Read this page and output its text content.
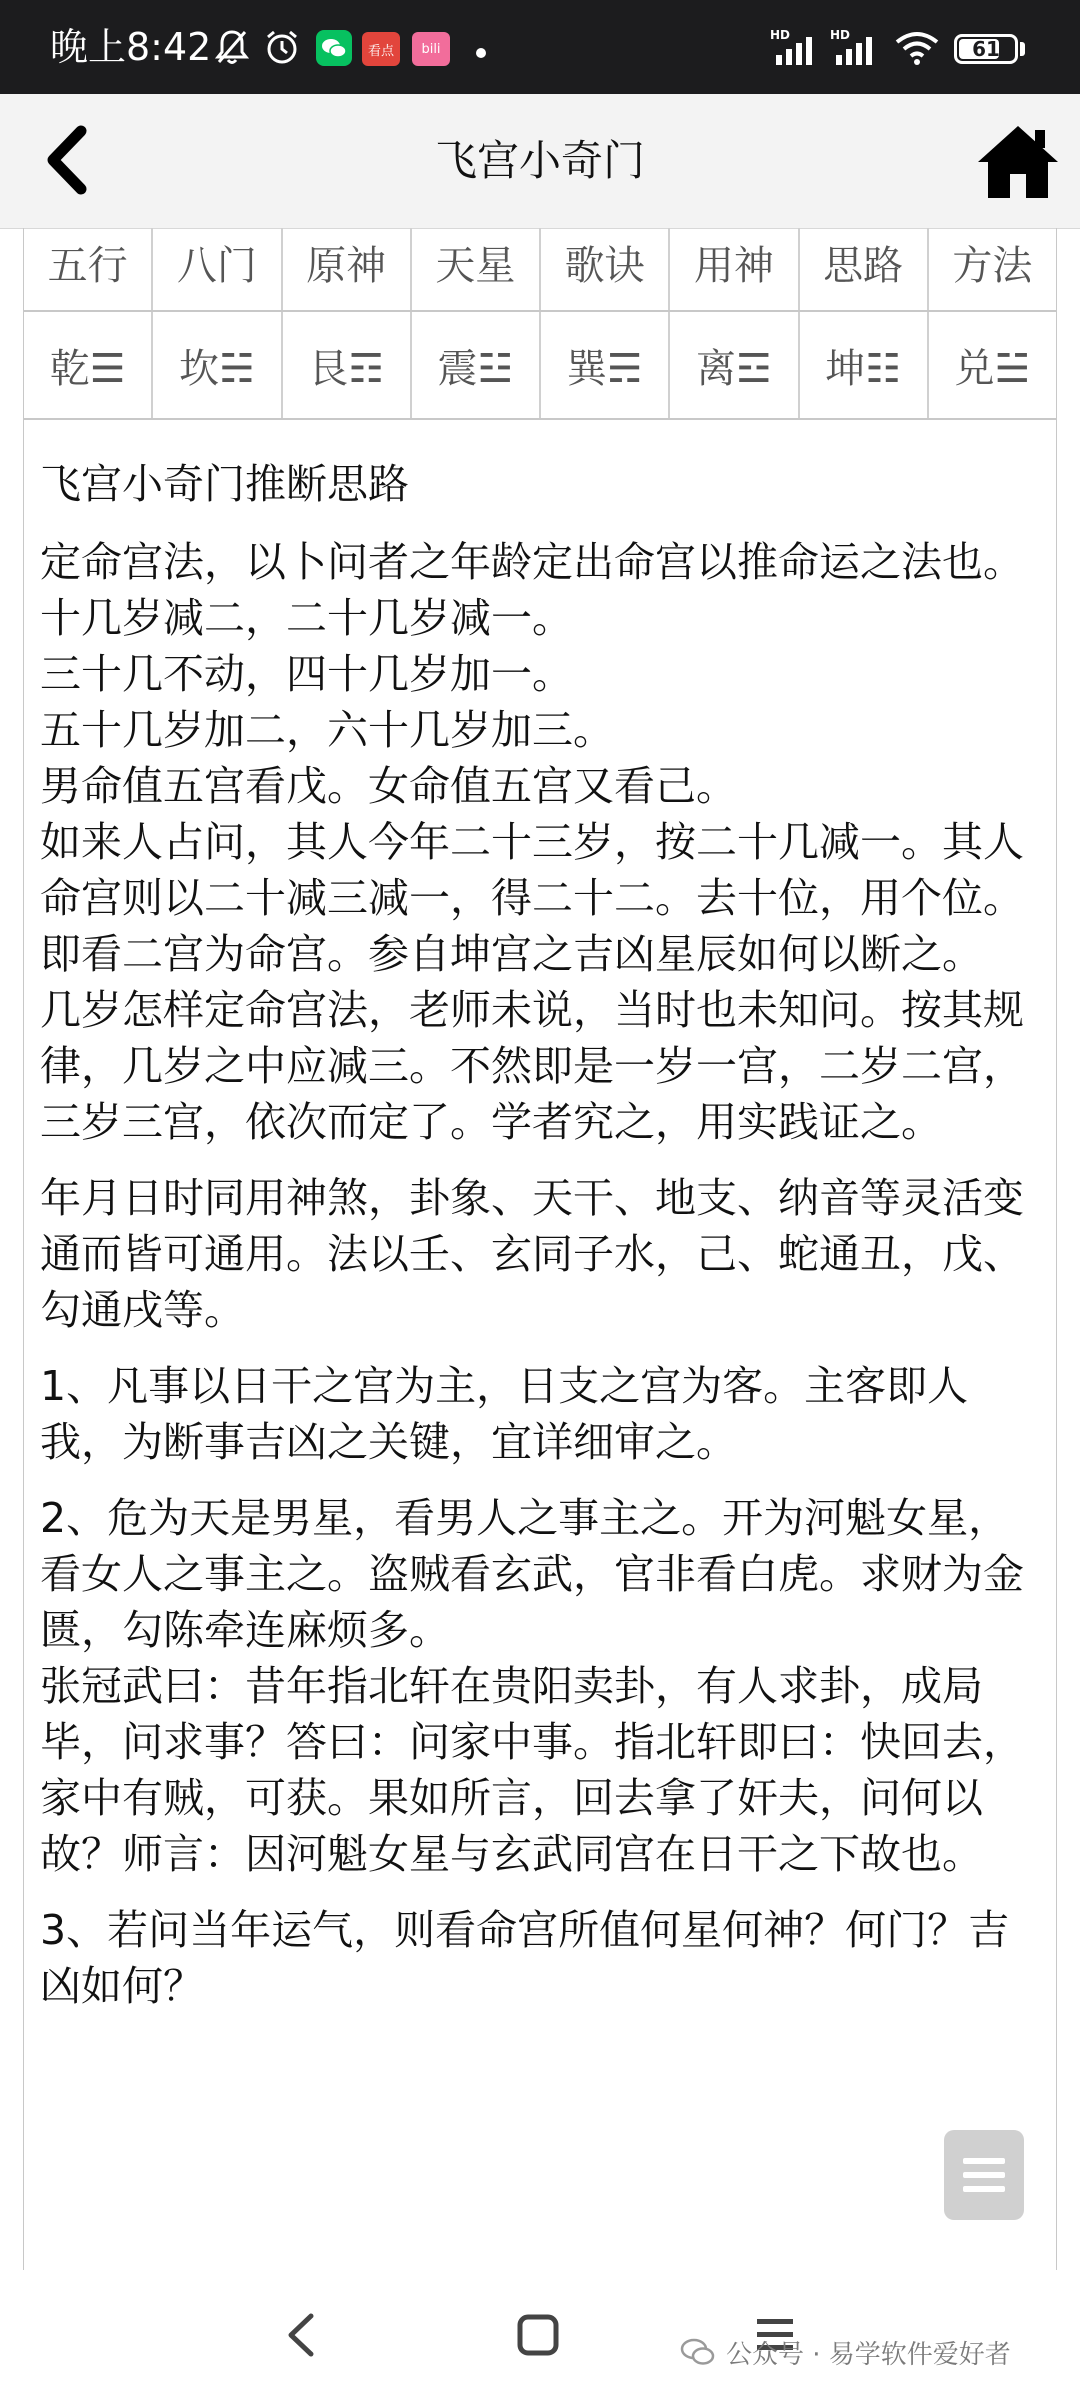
晚上8:42	看点	bili
HD	HD
61
飞宫小奇门
五行	八门	原神	天星	歌诀	用神	思路	方法
乾☰	坎☵	艮☶	震☳	巽☴	离☲	坤☷	兑☱

飞宫小奇门推断思路

定命宫法，以卜问者之年龄定出命宫以推命运之法也。
十几岁减二，二十几岁减一。
三十几不动，四十几岁加一。
五十几岁加二，六十几岁加三。
男命值五宫看戊。女命值五宫又看己。
如来人占问，其人今年二十三岁，按二十几减一。其人命宫则以二十减三减一，得二十二。去十位，用个位。即看二宫为命宫。参自坤宫之吉凶星辰如何以断之。
几岁怎样定命宫法，老师未说，当时也未知问。按其规律，几岁之中应减三。不然即是一岁一宫，二岁二宫，三岁三宫，依次而定了。学者究之，用实践证之。

年月日时同用神煞，卦象、天干、地支、纳音等灵活变通而皆可通用。法以壬、玄同子水，己、蛇通丑，戊、勾通戌等。

1、凡事以日干之宫为主，日支之宫为客。主客即人我，为断事吉凶之关键，宜详细审之。

2、危为天是男星，看男人之事主之。开为河魁女星，看女人之事主之。盗贼看玄武，官非看白虎。求财为金匮，勾陈牵连麻烦多。
张冠武曰：昔年指北轩在贵阳卖卦，有人求卦，成局毕，问求事？答曰：问家中事。指北轩即曰：快回去，家中有贼，可获。果如所言，回去拿了奸夫，问何以故？师言：因河魁女星与玄武同宫在日干之下故也。

3、若问当年运气，则看命宫所值何星何神？何门？吉凶如何？

公众号 · 易学软件爱好者
